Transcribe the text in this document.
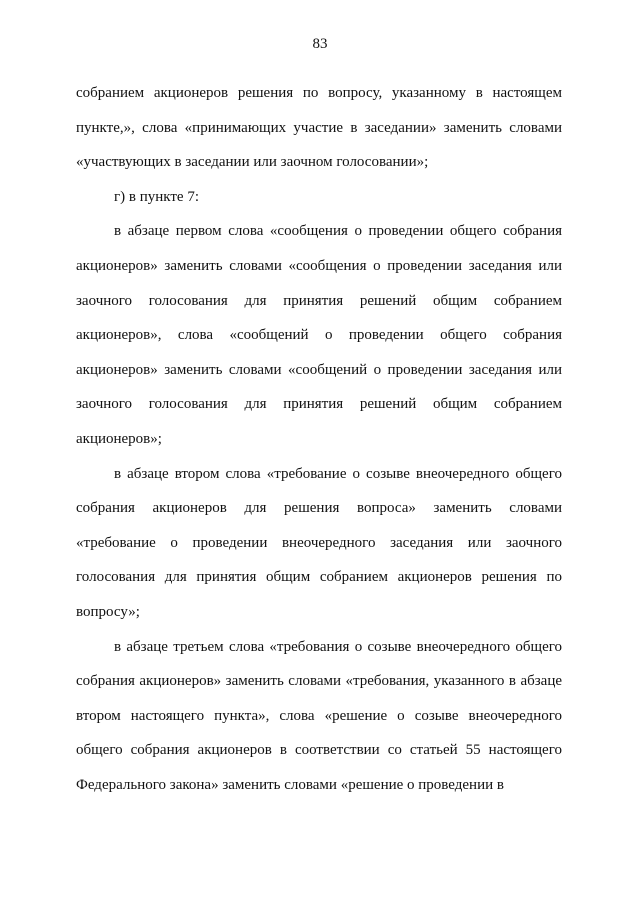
83

собранием акционеров решения по вопросу, указанному в настоящем пункте,», слова «принимающих участие в заседании» заменить словами «участвующих в заседании или заочном голосовании»;

г) в пункте 7:

в абзаце первом слова «сообщения о проведении общего собрания акционеров» заменить словами «сообщения о проведении заседания или заочного голосования для принятия решений общим собранием акционеров», слова «сообщений о проведении общего собрания акционеров» заменить словами «сообщений о проведении заседания или заочного голосования для принятия решений общим собранием акционеров»;

в абзаце втором слова «требование о созыве внеочередного общего собрания акционеров для решения вопроса» заменить словами «требование о проведении внеочередного заседания или заочного голосования для принятия общим собранием акционеров решения по вопросу»;

в абзаце третьем слова «требования о созыве внеочередного общего собрания акционеров» заменить словами «требования, указанного в абзаце втором настоящего пункта», слова «решение о созыве внеочередного общего собрания акционеров в соответствии со статьей 55 настоящего Федерального закона» заменить словами «решение о проведении в
